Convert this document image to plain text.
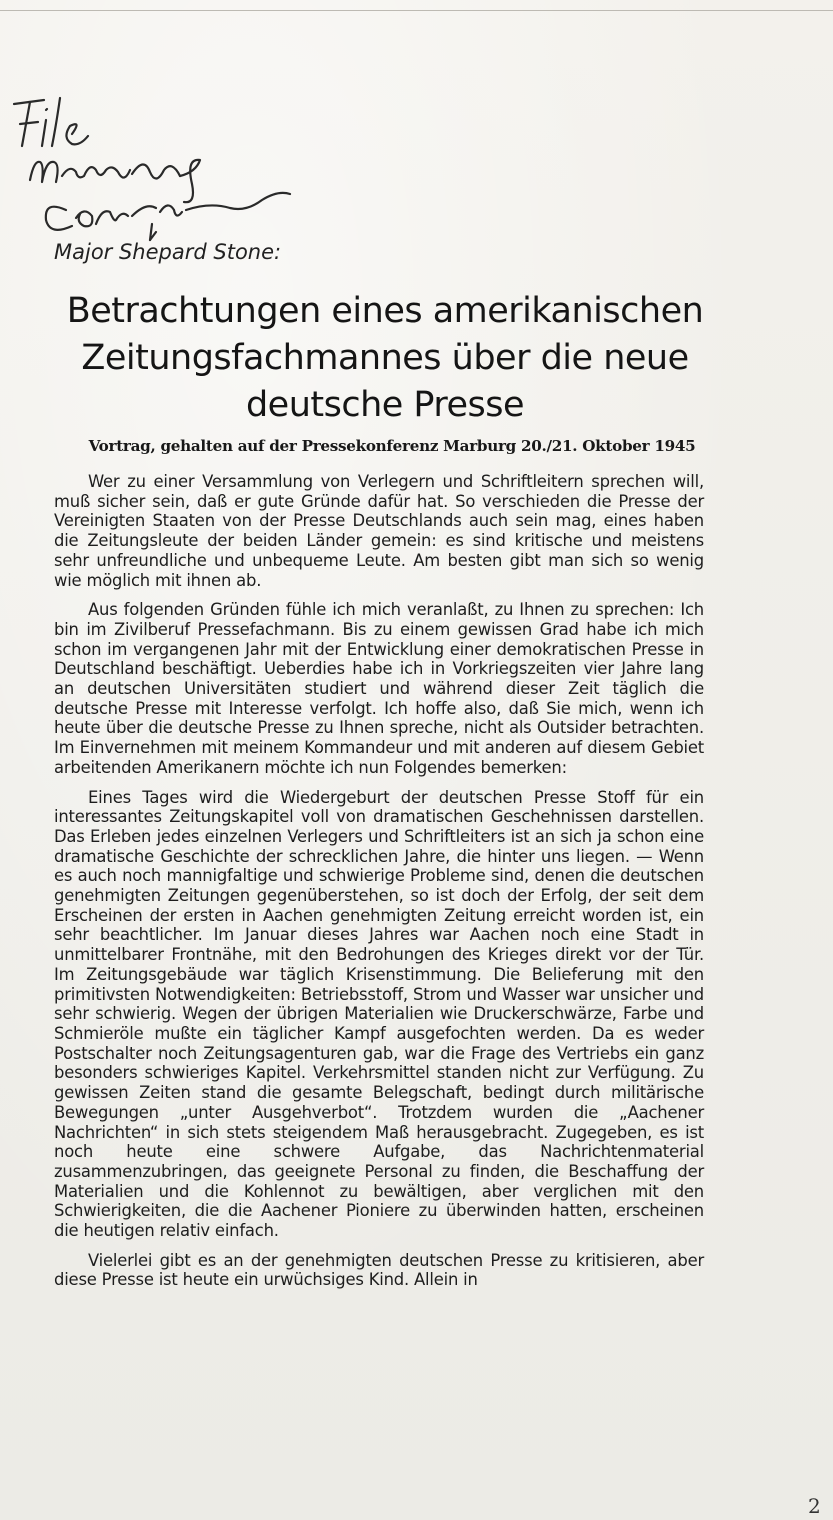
Major Shepard Stone:
Betrachtungen eines amerikanischen
Zeitungsfachmannes über die neue
deutsche Presse
Vortrag, gehalten auf der Pressekonferenz Marburg 20./21. Oktober 1945

Wer zu einer Versammlung von Verlegern und Schriftleitern sprechen will, muß sicher sein, daß er gute Gründe dafür hat. So verschieden die Presse der Vereinigten Staaten von der Presse Deutschlands auch sein mag, eines haben die Zeitungsleute der beiden Länder gemein: es sind kritische und meistens sehr unfreundliche und unbequeme Leute. Am besten gibt man sich so wenig wie möglich mit ihnen ab.

Aus folgenden Gründen fühle ich mich veranlaßt, zu Ihnen zu sprechen: Ich bin im Zivilberuf Pressefachmann. Bis zu einem gewissen Grad habe ich mich schon im vergangenen Jahr mit der Entwicklung einer demokratischen Presse in Deutschland beschäftigt. Ueberdies habe ich in Vorkriegszeiten vier Jahre lang an deutschen Universitäten studiert und während dieser Zeit täglich die deutsche Presse mit Interesse verfolgt. Ich hoffe also, daß Sie mich, wenn ich heute über die deutsche Presse zu Ihnen spreche, nicht als Outsider betrachten. Im Einvernehmen mit meinem Kommandeur und mit anderen auf diesem Gebiet arbeitenden Amerikanern möchte ich nun Folgendes bemerken:

Eines Tages wird die Wiedergeburt der deutschen Presse Stoff für ein interessantes Zeitungskapitel voll von dramatischen Geschehnissen darstellen. Das Erleben jedes einzelnen Verlegers und Schriftleiters ist an sich ja schon eine dramatische Geschichte der schrecklichen Jahre, die hinter uns liegen. — Wenn es auch noch mannigfaltige und schwierige Probleme sind, denen die deutschen genehmigten Zeitungen gegenüberstehen, so ist doch der Erfolg, der seit dem Erscheinen der ersten in Aachen genehmigten Zeitung erreicht worden ist, ein sehr beachtlicher. Im Januar dieses Jahres war Aachen noch eine Stadt in unmittelbarer Frontnähe, mit den Bedrohungen des Krieges direkt vor der Tür. Im Zeitungsgebäude war täglich Krisenstimmung. Die Belieferung mit den primitivsten Notwendigkeiten: Betriebsstoff, Strom und Wasser war unsicher und sehr schwierig. Wegen der übrigen Materialien wie Druckerschwärze, Farbe und Schmieröle mußte ein täglicher Kampf ausgefochten werden. Da es weder Postschalter noch Zeitungsagenturen gab, war die Frage des Vertriebs ein ganz besonders schwieriges Kapitel. Verkehrsmittel standen nicht zur Verfügung. Zu gewissen Zeiten stand die gesamte Belegschaft, bedingt durch militärische Bewegungen „unter Ausgehverbot“. Trotzdem wurden die „Aachener Nachrichten“ in sich stets steigendem Maß herausgebracht. Zugegeben, es ist noch heute eine schwere Aufgabe, das Nachrichtenmaterial zusammenzubringen, das geeignete Personal zu finden, die Beschaffung der Materialien und die Kohlennot zu bewältigen, aber verglichen mit den Schwierigkeiten, die die Aachener Pioniere zu überwinden hatten, erscheinen die heutigen relativ einfach.

Vielerlei gibt es an der genehmigten deutschen Presse zu kritisieren, aber diese Presse ist heute ein urwüchsiges Kind. Allein in

2
